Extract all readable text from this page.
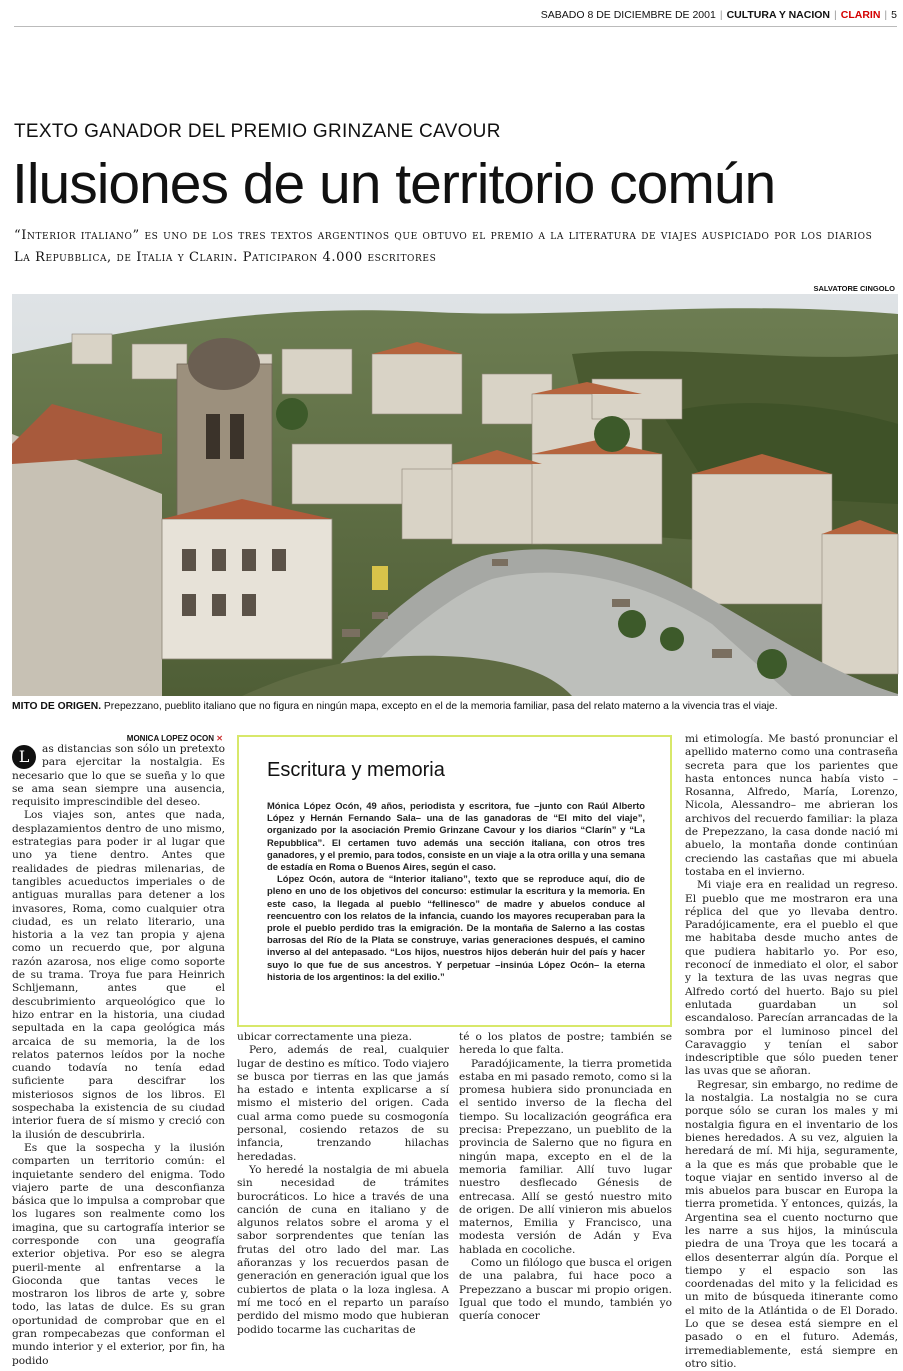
SABADO 8 DE DICIEMBRE DE 2001 | CULTURA Y NACION | CLARIN | 5
TEXTO GANADOR DEL PREMIO GRINZANE CAVOUR
Ilusiones de un territorio común
“Interior italiano” es uno de los tres textos argentinos que obtuvo el premio a la literatura de viajes auspiciado por los diarios La Repubblica, de Italia y Clarin. Paticiparon 4.000 escritores
SALVATORE CINGOLO
MITO DE ORIGEN. Prepezzano, pueblito italiano que no figura en ningún mapa, excepto en el de la memoria familiar, pasa del relato materno a la vivencia tras el viaje.
MONICA LOPEZ OCON ✕

L	as distancias son sólo un pretexto para ejercitar la nostalgia. Es necesario que lo que se sueña y lo que se ama sean siempre una ausencia, requisito imprescindible del deseo.

Los viajes son, antes que nada, desplazamientos dentro de uno mismo, estrategias para poder ir al lugar que uno ya tiene dentro. Antes que realidades de piedras milenarias, de tangibles acueductos imperiales o de antiguas murallas para detener a los invasores, Roma, como cualquier otra ciudad, es un relato literario, una historia a la vez tan propia y ajena como un recuerdo que, por alguna razón azarosa, nos elige como soporte de su trama. Troya fue para Heinrich Schljemann, antes que el descubrimiento arqueológico que lo hizo entrar en la historia, una ciudad sepultada en la capa geológica más arcaica de su memoria, la de los relatos paternos leídos por la noche cuando todavía no tenía edad suficiente para descifrar los misteriosos signos de los libros. El sospechaba la existencia de su ciudad interior fuera de sí mismo y creció con la ilusión de descubrirla.

Es que la sospecha y la ilusión comparten un territorio común: el inquietante sendero del enigma. Todo viajero parte de una desconfianza básica que lo impulsa a comprobar que los lugares son realmente como los imagina, que su cartografía interior se corresponde con una geografía exterior objetiva. Por eso se alegra pueril-mente al enfrentarse a la Gioconda que tantas veces le mostraron los libros de arte y, sobre todo, las latas de dulce. Es su gran oportunidad de comprobar que en el gran rompecabezas que conforman el mundo interior y el exterior, por fin, ha podido

Escritura y memoria

Mónica López Ocón, 49 años, periodista y escritora, fue –junto con Raúl Alberto López y Hernán Fernando Sala– una de las ganadoras de “El mito del viaje”, organizado por la asociación Premio Grinzane Cavour y los diarios “Clarín” y “La Repubblica”. El certamen tuvo además una sección italiana, con otros tres ganadores, y el premio, para todos, consiste en un viaje a la otra orilla y una semana de estadía en Roma o Buenos Aires, según el caso.

López Ocón, autora de “Interior italiano”, texto que se reproduce aquí, dio de pleno en uno de los objetivos del concurso: estimular la escritura y la memoria. En este caso, la llegada al pueblo “fellinesco” de madre y abuelos conduce al reencuentro con los relatos de la infancia, cuando los mayores recuperaban para la prole el pueblo perdido tras la emigración. De la montaña de Salerno a las costas barrosas del Río de la Plata se construye, varias generaciones después, el camino inverso al del antepasado. “Los hijos, nuestros hijos deberán huir del país y hacer suyo lo que fue de sus ancestros. Y perpetuar –insinúa López Ocón– la eterna historia de los argentinos: la del exilio.”

ubicar correctamente una pieza.

Pero, además de real, cualquier lugar de destino es mítico. Todo viajero se busca por tierras en las que jamás ha estado e intenta explicarse a sí mismo el misterio del origen. Cada cual arma como puede su cosmogonía personal, cosiendo retazos de su infancia, trenzando hilachas heredadas.

Yo heredé la nostalgia de mi abuela sin necesidad de trámites burocráticos. Lo hice a través de una canción de cuna en italiano y de algunos relatos sobre el aroma y el sabor sorprendentes que tenían las frutas del otro lado del mar. Las añoranzas y los recuerdos pasan de generación en generación igual que los cubiertos de plata o la loza inglesa. A mí me tocó en el reparto un paraíso perdido del mismo modo que hubieran podido tocarme las cucharitas de

té o los platos de postre; también se hereda lo que falta.

Paradójicamente, la tierra prometida estaba en mi pasado remoto, como si la promesa hubiera sido pronunciada en el sentido inverso de la flecha del tiempo. Su localización geográfica era precisa: Prepezzano, un pueblito de la provincia de Salerno que no figura en ningún mapa, excepto en el de la memoria familiar. Allí tuvo lugar nuestro desflecado Génesis de entrecasa. Allí se gestó nuestro mito de origen. De allí vinieron mis abuelos maternos, Emilia y Francisco, una modesta versión de Adán y Eva hablada en cocoliche.

Como un filólogo que busca el origen de una palabra, fui hace poco a Prepezzano a buscar mi propio origen. Igual que todo el mundo, también yo quería conocer

mi etimología. Me bastó pronunciar el apellido materno como una contraseña secreta para que los parientes que hasta entonces nunca había visto –Rosanna, Alfredo, María, Lorenzo, Nicola, Alessandro– me abrieran los archivos del recuerdo familiar: la plaza de Prepezzano, la casa donde nació mi abuelo, la montaña donde continúan creciendo las castañas que mi abuela tostaba en el invierno.

Mi viaje era en realidad un regreso. El pueblo que me mostraron era una réplica del que yo llevaba dentro. Paradójicamente, era el pueblo el que me habitaba desde mucho antes de que pudiera habitarlo yo. Por eso, reconocí de inmediato el olor, el sabor y la textura de las uvas negras que Alfredo cortó del huerto. Bajo su piel enlutada guardaban un sol escandaloso. Parecían arrancadas de la sombra por el luminoso pincel del Caravaggio y tenían el sabor indescriptible que sólo pueden tener las uvas que se añoran.

Regresar, sin embargo, no redime de la nostalgia. La nostalgia no se cura porque sólo se curan los males y mi nostalgia figura en el inventario de los bienes heredados. A su vez, alguien la heredará de mí. Mi hija, seguramente, a la que es más que probable que le toque viajar en sentido inverso al de mis abuelos para buscar en Europa la tierra prometida. Y entonces, quizás, la Argentina sea el cuento nocturno que les narre a sus hijos, la minúscula piedra de una Troya que les tocará a ellos desenterrar algún día. Porque el tiempo y el espacio son las coordenadas del mito y la felicidad es un mito de búsqueda itinerante como el mito de la Atlántida o de El Dorado. Lo que se desea está siempre en el pasado o en el futuro. Además, irremediablemente, está siempre en otro sitio.
